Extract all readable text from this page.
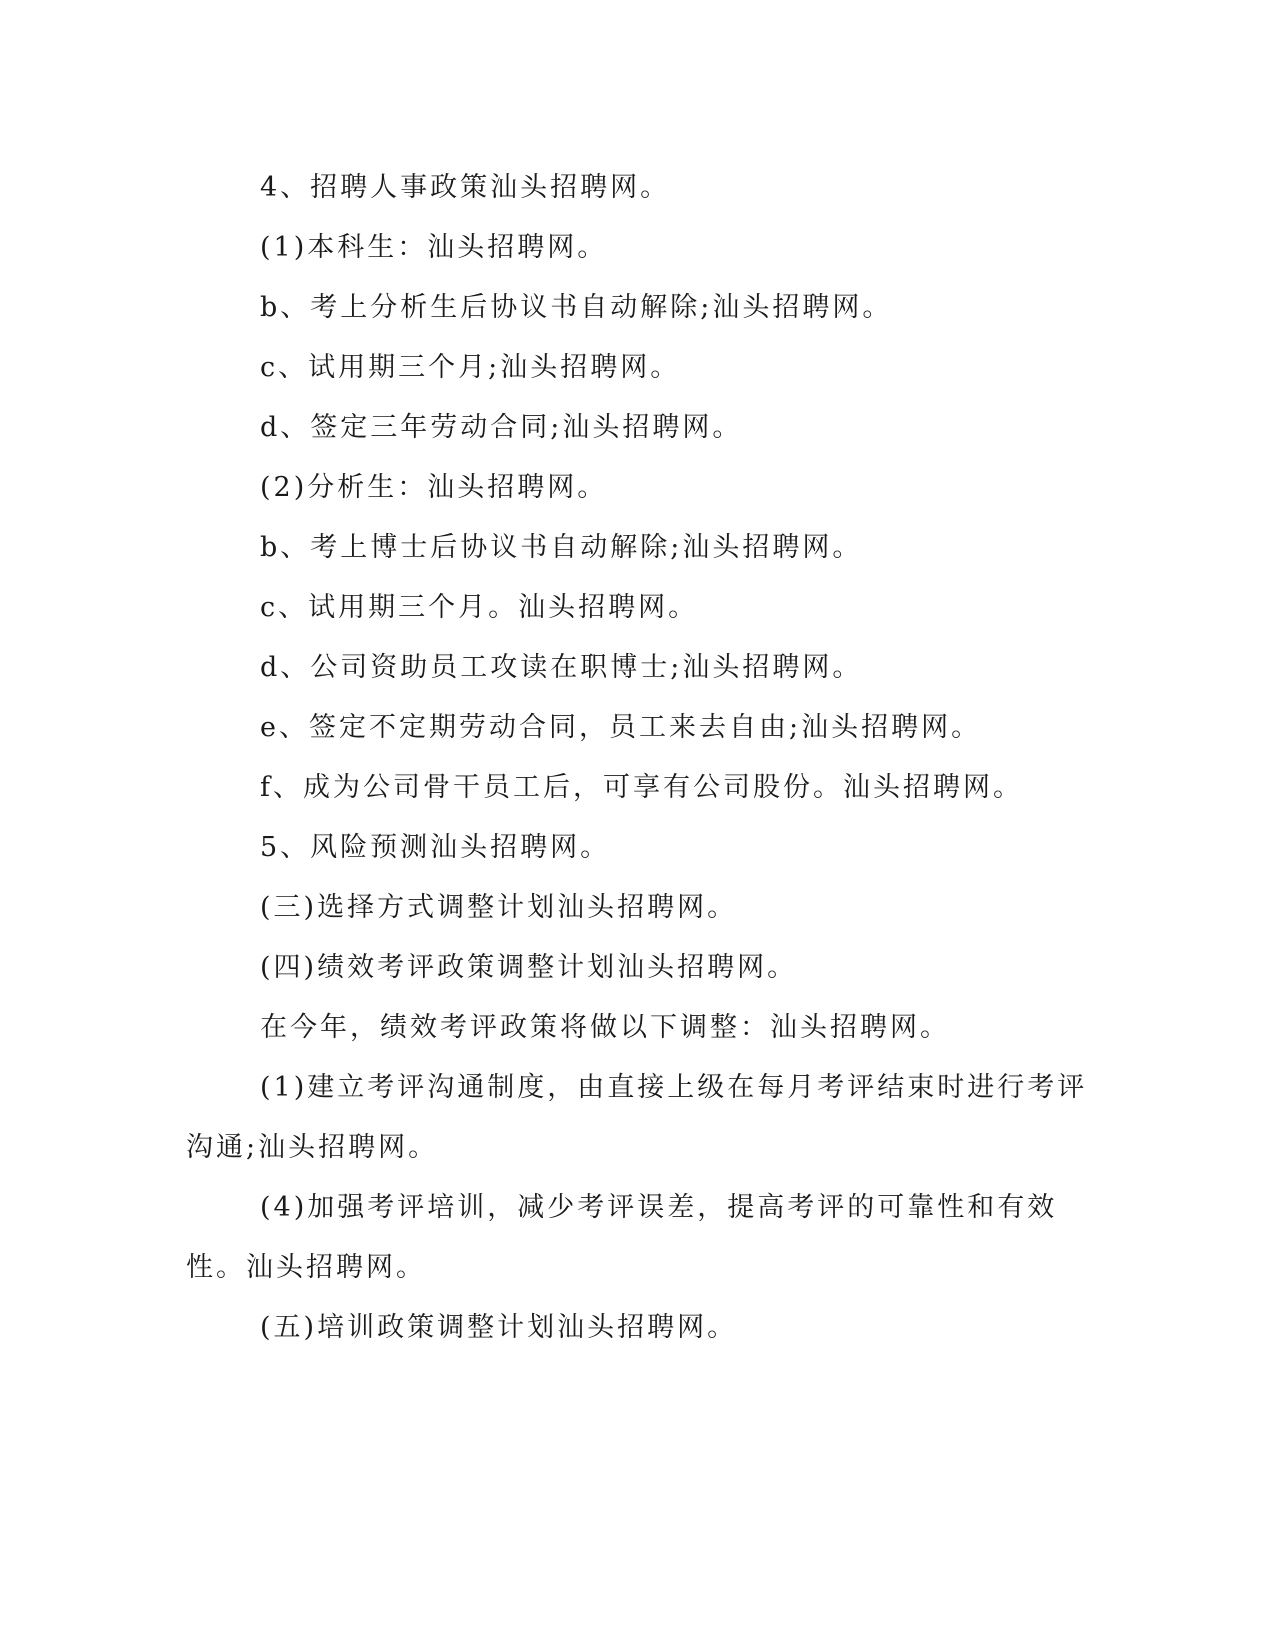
4、招聘人事政策汕头招聘网。

(1)本科生：汕头招聘网。

b、考上分析生后协议书自动解除;汕头招聘网。

c、试用期三个月;汕头招聘网。

d、签定三年劳动合同;汕头招聘网。

(2)分析生：汕头招聘网。

b、考上博士后协议书自动解除;汕头招聘网。

c、试用期三个月。汕头招聘网。

d、公司资助员工攻读在职博士;汕头招聘网。

e、签定不定期劳动合同，员工来去自由;汕头招聘网。

f、成为公司骨干员工后，可享有公司股份。汕头招聘网。

5、风险预测汕头招聘网。

(三)选择方式调整计划汕头招聘网。

(四)绩效考评政策调整计划汕头招聘网。

在今年，绩效考评政策将做以下调整：汕头招聘网。

(1)建立考评沟通制度，由直接上级在每月考评结束时进行考评沟通;汕头招聘网。

(4)加强考评培训，减少考评误差，提高考评的可靠性和有效性。汕头招聘网。

(五)培训政策调整计划汕头招聘网。
